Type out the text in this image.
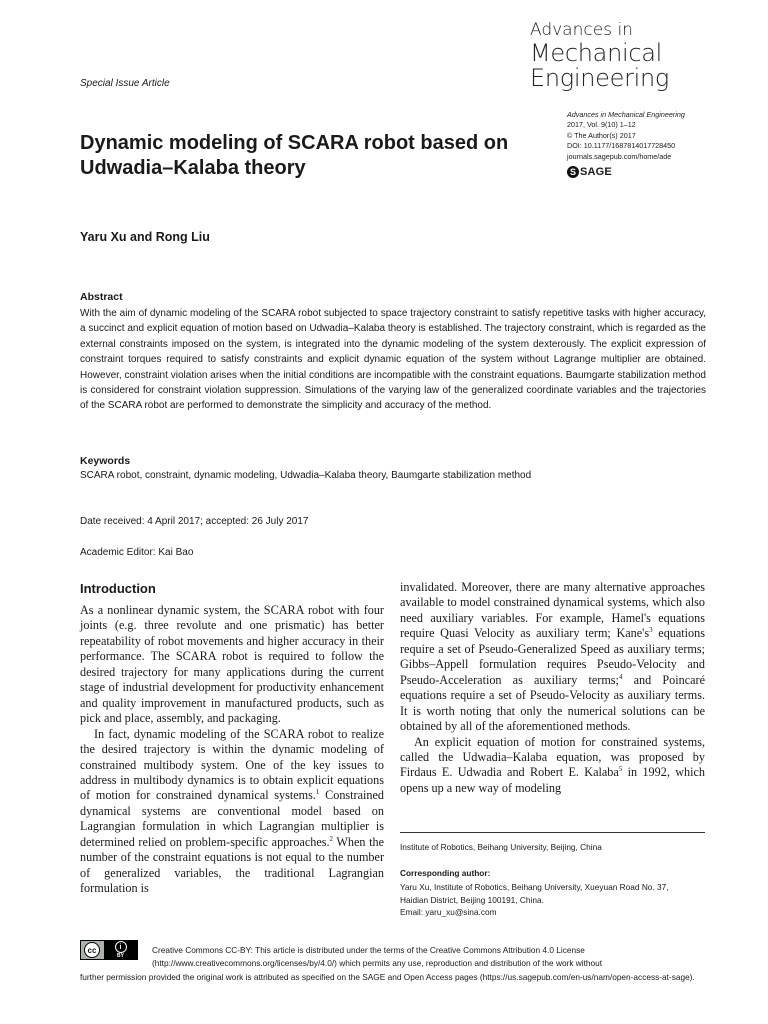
Advances in
Mechanical
Engineering
Special Issue Article
Advances in Mechanical Engineering
2017, Vol. 9(10) 1–12
© The Author(s) 2017
DOI: 10.1177/1687814017728450
journals.sagepub.com/home/ade
S SAGE
Dynamic modeling of SCARA robot based on Udwadia–Kalaba theory
Yaru Xu and Rong Liu
Abstract
With the aim of dynamic modeling of the SCARA robot subjected to space trajectory constraint to satisfy repetitive tasks with higher accuracy, a succinct and explicit equation of motion based on Udwadia–Kalaba theory is established. The trajectory constraint, which is regarded as the external constraints imposed on the system, is integrated into the dynamic modeling of the system dexterously. The explicit expression of constraint torques required to satisfy constraints and explicit dynamic equation of the system without Lagrange multiplier are obtained. However, constraint violation arises when the initial conditions are incompatible with the constraint equations. Baumgarte stabilization method is considered for constraint violation suppression. Simulations of the varying law of the generalized coordinate variables and the trajectories of the SCARA robot are performed to demonstrate the simplicity and accuracy of the method.
Keywords
SCARA robot, constraint, dynamic modeling, Udwadia–Kalaba theory, Baumgarte stabilization method
Date received: 4 April 2017; accepted: 26 July 2017
Academic Editor: Kai Bao
Introduction

As a nonlinear dynamic system, the SCARA robot with four joints (e.g. three revolute and one prismatic) has better repeatability of robot movements and higher accuracy in their performance. The SCARA robot is required to follow the desired trajectory for many applications during the current stage of industrial development for productivity enhancement and quality improvement in manufactured products, such as pick and place, assembly, and packaging.

In fact, dynamic modeling of the SCARA robot to realize the desired trajectory is within the dynamic modeling of constrained multibody system. One of the key issues to address in multibody dynamics is to obtain explicit equations of motion for constrained dynamical systems.$^1$ Constrained dynamical systems are conventional model based on Lagrangian formulation in which Lagrangian multiplier is determined relied on problem-specific approaches.$^2$ When the number of the constraint equations is not equal to the number of generalized variables, the traditional Lagrangian formulation is

invalidated. Moreover, there are many alternative approaches available to model constrained dynamical systems, which also need auxiliary variables. For example, Hamel's equations require Quasi Velocity as auxiliary term; $Kane's^3$ equations require a set of Pseudo-Generalized Speed as auxiliary terms; Gibbs–Appell formulation requires Pseudo-Velocity and Pseudo-Acceleration as auxiliary terms;$^4$ and Poincaré equations require a set of Pseudo-Velocity as auxiliary terms. It is worth noting that only the numerical solutions can be obtained by all of the aforementioned methods.

An explicit equation of motion for constrained systems, called the Udwadia–Kalaba equation, was proposed by Firdaus E. Udwadia and Robert E. Kalaba$^5$ in 1992, which opens up a new way of modeling

Institute of Robotics, Beihang University, Beijing, China
Corresponding author:
Yaru Xu, Institute of Robotics, Beihang University, Xueyuan Road No. 37,
Haidian District, Beijing 100191, China.
Email: yaru_xu@sina.com
cc	i
BY
Creative Commons CC-BY: This article is distributed under the terms of the Creative Commons Attribution 4.0 License (http://www.creativecommons.org/licenses/by/4.0/) which permits any use, reproduction and distribution of the work without
further permission provided the original work is attributed as specified on the SAGE and Open Access pages (https://us.sagepub.com/en-us/nam/open-access-at-sage).
